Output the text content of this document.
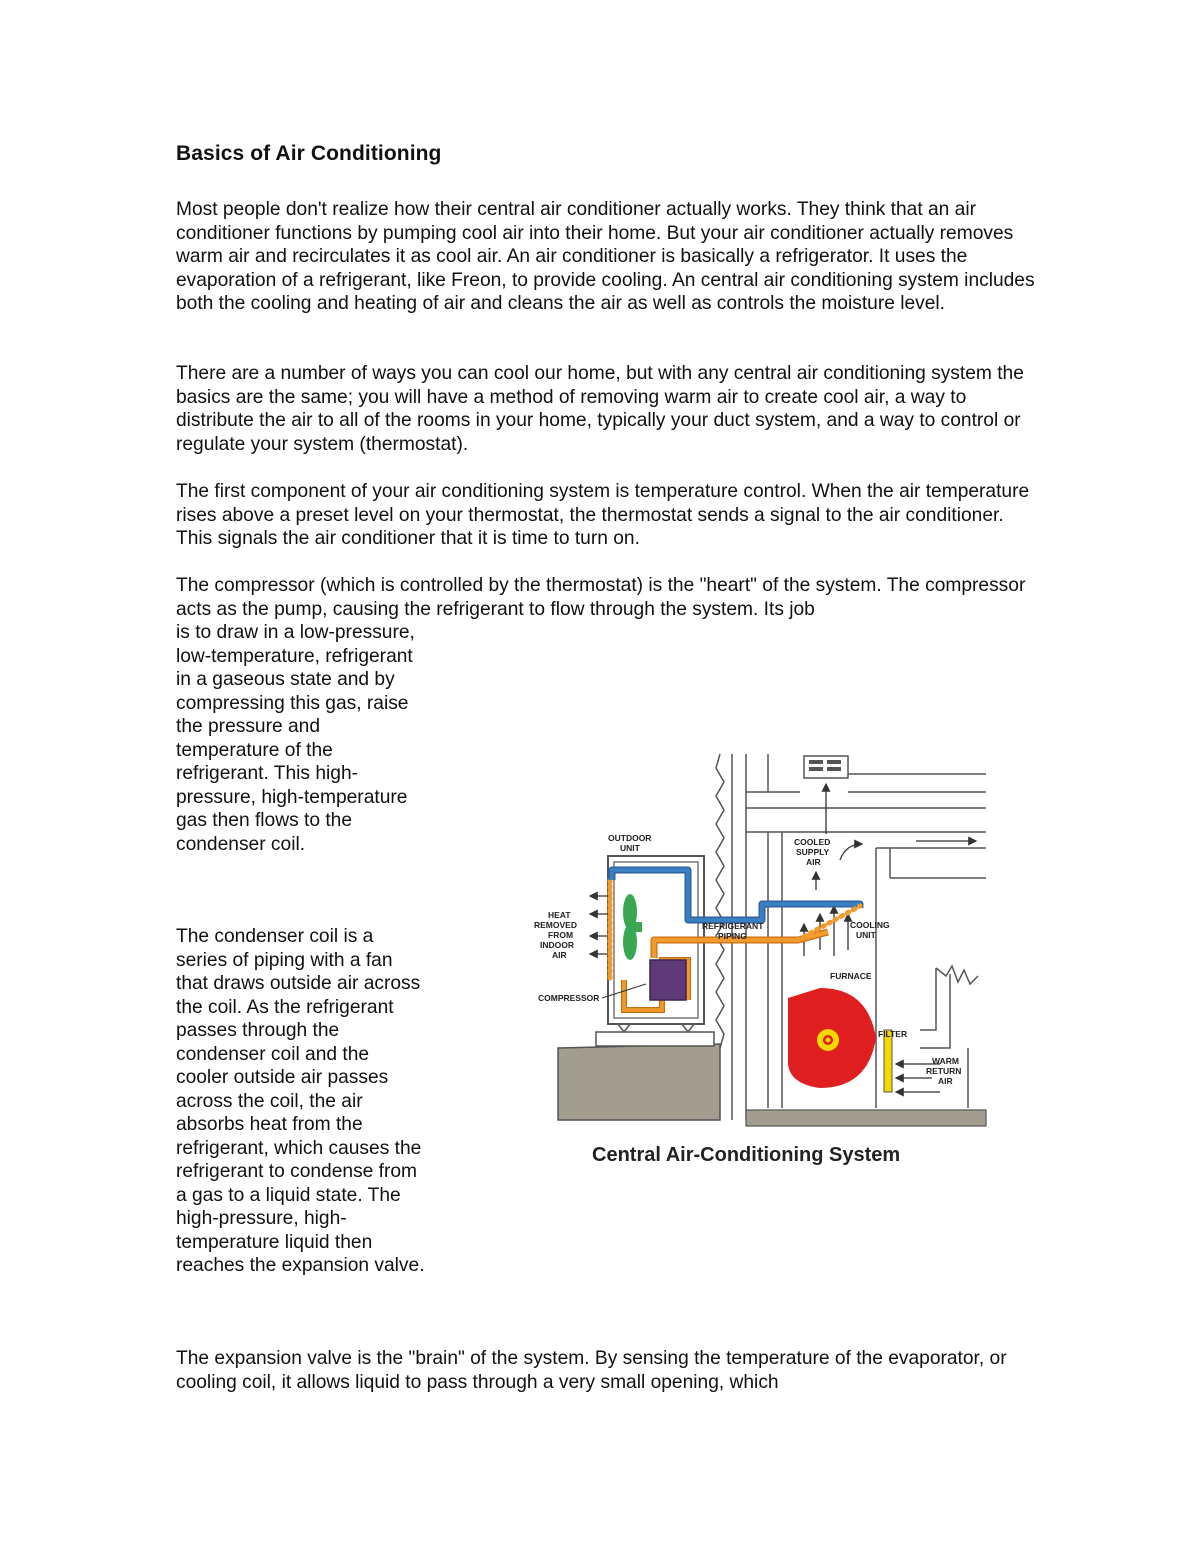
Basics of Air Conditioning

Most people don't realize how their central air conditioner actually works. They think that an air conditioner functions by pumping cool air into their home. But your air conditioner actually removes warm air and recirculates it as cool air. An air conditioner is basically a refrigerator. It uses the evaporation of a refrigerant, like Freon, to provide cooling. An central air conditioning system includes both the cooling and heating of air and cleans the air as well as controls the moisture level.

There are a number of ways you can cool our home, but with any central air conditioning system the basics are the same; you will have a method of removing warm air to create cool air, a way to distribute the air to all of the rooms in your home, typically your duct system, and a way to control or regulate your system (thermostat).

The first component of your air conditioning system is temperature control. When the air temperature rises above a preset level on your thermostat, the thermostat sends a signal to the air conditioner. This signals the air conditioner that it is time to turn on.

The compressor (which is controlled by the thermostat) is the "heart" of the system. The compressor acts as the pump, causing the refrigerant to flow through the system. Its job

is to draw in a low-pressure, low-temperature, refrigerant in a gaseous state and by compressing this gas, raise the pressure and temperature of the refrigerant. This high-pressure, high-temperature gas then flows to the condenser coil.

The condenser coil is a series of piping with a fan that draws outside air across the coil. As the refrigerant passes through the condenser coil and the cooler outside air passes across the coil, the air absorbs heat from the refrigerant, which causes the refrigerant to condense from a gas to a liquid state. The high-pressure, high-temperature liquid then reaches the expansion valve.

The expansion valve is the "brain" of the system. By sensing the temperature of the evaporator, or cooling coil, it allows liquid to pass through a very small opening, which

OUTDOOR
UNIT
HEAT
REMOVED
FROM
INDOOR
AIR
COMPRESSOR
REFRIGERANT
PIPING
COOLED
SUPPLY
AIR
COOLING
UNIT
FURNACE
FILTER
WARM
RETURN
AIR
Central Air-Conditioning System
